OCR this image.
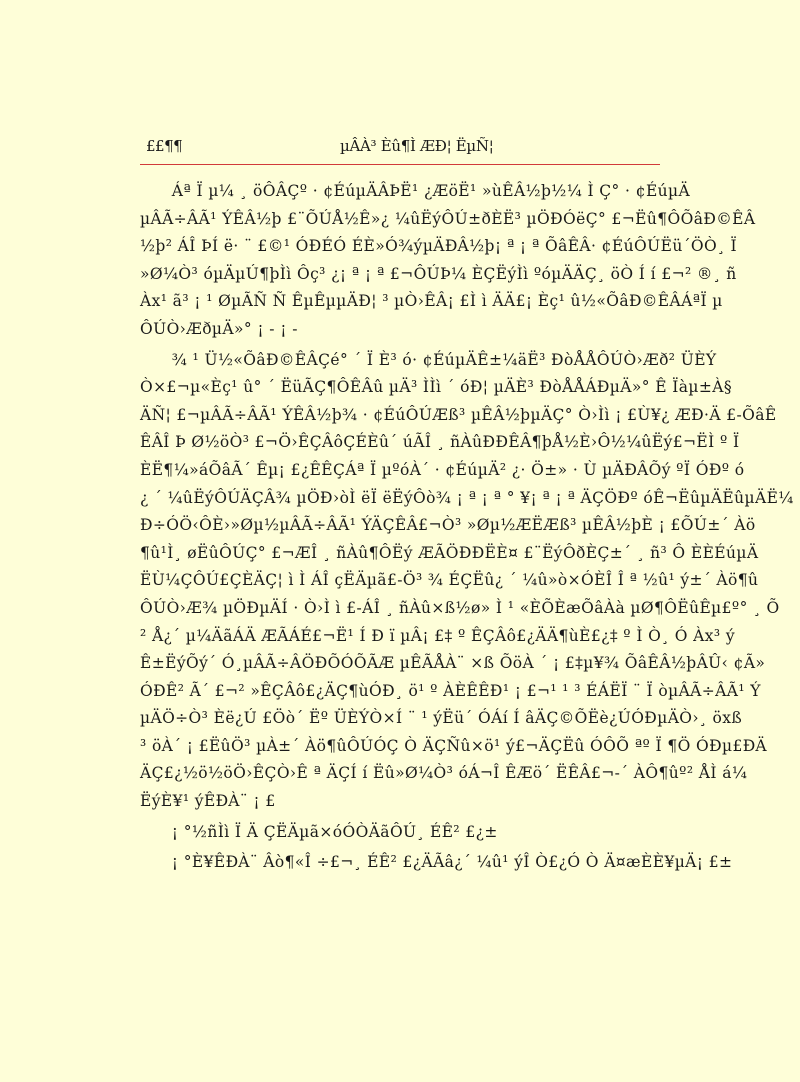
££¶¶	µÂÀ³ Èû¶Ì ÆÐ¦ ËµÑ¦
　　Áª Ï µ¼ ¸ öÔÂÇº · ¢ÉúµÄÂÞË¹ ¿ÆöË¹ »ùÊÂ½þ½¼ Ì Ç° · ¢ÉúµÄ
µÂÃ÷ÂÃ¹ ÝÊÂ½þ £¨ÕÚÅ½Ê»¿ ¼ûËýÔÚ±ðÈË³ µÖÐÓëÇ° £¬Ëû¶ÔÕâÐ©ÊÂ
½þ² ÁÎ ÞÍ ë· ¨ £©¹ ÓÐÉÓ ÉÈ»Ó¾ýµÄÐÂ½þ¡ ª ¡ ª ÕâÊÂ· ¢ÉúÔÚËü´ÖÒ¸ Ï
»Ø¼Ò³ óµÄµÚ¶þÌì Ôç³ ¿¡ ª ¡ ª £¬ÔÚÞ¼ ÈÇËýÌì ºóµÄÄÇ¸ öÒ Í í £¬² ®¸ ñ
Àx¹ ã³ ¡ ¹ ØµÃÑ Ñ ÊµÊµµÄÐ¦ ³ µÒ›ÊÂ¡ £Ì ì ÄÄ£¡ Èç¹ û½«ÕâÐ©ÊÂÁªÏ µ
ÔÚÒ›ÆðµÄ»° ¡ - ¡ -
　　¾ ¹ Ü½«ÕâÐ©ÊÂÇé° ´ Ï È³ ó· ¢ÉúµÄÊ±¼äË³ ÐòÅÅÔÚÒ›Æð² ÜÈÝ
Ò×£¬µ«Èç¹ û° ´ ËüÃÇ¶ÔÊÂû µÄ³ ÌÌì ´ óÐ¦ µÄÈ³ ÐòÅÅÁÐµÄ»° Ê Ïàµ±À§
ÄÑ¦ £¬µÂÃ÷ÂÃ¹ ÝÊÂ½þ¾ · ¢ÉúÔÚÆß³ µÊÂ½þµÄÇ° Ò›Ìì ¡ £Ù¥¿ ÆÐ·Ä £-ÕâÊ
ÊÂÎ Þ Ø½öÒ³ £¬Ö›ÊÇÂôÇÉÈû´ úÃÎ ¸ ñÀûÐÐÊÂ¶þÅ½È›Ô½¼ûËý£¬ËÌ º Ï
ÈË¶¼»áÕâÃ´ Êµ¡ £¿ÊÊÇÁª Ï µºóÀ´ · ¢ÉúµÄ² ¿· Ö±» · Ù µÄÐÂÕý ºÏ ÓÐº ó
¿ ´ ¼ûËýÔÚÄÇÂ¾ µÖÐ›òÌ ëÏ ëËýÔò¾ ¡ ª ¡ ª ° ¥¡ ª ¡ ª ÄÇÖÐº óÊ¬ËûµÄËûµÄË¼
Ð÷ÓÖ‹ÔÈ›»Øµ½µÂÃ÷ÂÃ¹ ÝÄÇÊÂ£¬Ò³ »Øµ½ÆËÆß³ µÊÂ½þÈ ¡ £ÕÚ±´ Àö
¶û¹Ì¸ øËûÔÚÇ° £¬ÆÎ ¸ ñÀû¶ÔËý ÆÃÖÐÐËÈ¤ £¨ËýÔðÈÇ±´ ¸ ñ³ Ô ÈÈÉúµÄ
ËÙ¼ÇÔÚ£ÇÈÄÇ¦ ì Ì ÁÎ çËÄµã£-Ö³ ¾ ÉÇËû¿ ´ ¼û»ò×ÓÈÎ Î ª ½û¹ ý±´ Àö¶û
ÔÚÒ›Æ¾ µÖÐµÄÍ · Ò›Ì ì £-ÁÎ ¸ ñÀû×ß½ø» Ì ¹ «ÈÕÈæÕâÀà µØ¶ÔËûÊµ£º° ¸ Õ
² Å¿´ µ¼ÄãÁÄ ÆÃÁÉ£¬Ë¹ Í Ð ï µÂ¡ £‡ º ÊÇÂô£¿ÄÄ¶ùÈ£¿‡ º Ì Ò¸ Ó Àx³ ý
Ê±ËýÕý´ Ó¸µÂÃ÷ÂÖÐÕÓÕÃÆ µÊÃÅÀ¨ ×ß ÕöÀ ´ ¡ £‡µ¥¾ ÕâÊÂ½þÂÛ‹ ¢Ã»
ÓÐÊ² Ã´ £¬² »ÊÇÂô£¿ÄÇ¶ùÓÐ¸ ö¹ º ÀÈÊÊÐ¹ ¡ £¬¹ ¹ ³ ÉÁËÏ ¨ Ï òµÂÃ÷ÂÃ¹ Ý
µÄÖ÷Ò³ Èë¿Ú £Öò´ Ëº ÜÈÝÒ×Í ¨ ¹ ýËü´ ÓÁí Í âÄÇ©ÕËè¿ÚÓÐµÄÒ›¸ öxß
³ öÀ´ ¡ £ËûÖ³ µÀ±´ Àö¶ûÔÚÓÇ Ò ÄÇÑû×ö¹ ý£¬ÄÇËû ÓÔÕ ªº Ï ¶Ö ÓÐµ£ÐÄ
ÄÇ£¿½ö½öÖ›ÊÇÒ›Ê ª ÄÇÍ í Ëû»Ø¼Ò³ óÁ¬Î ÊÆö´ ËÊÂ£¬-´ ÀÔ¶ûº² ÅÌ á¼
ËýÈ¥¹ ýÊÐÀ¨ ¡ £
　　¡ °½ñÌì Ï Ä ÇËÄµã×óÓÒÄãÔÚ¸ ÉÊ² £¿±
　　¡ °È¥ÊÐÀ¨ Âò¶«Î ÷£¬¸ ÉÊ² £¿ÄÃâ¿´ ¼û¹ ýÎ Ò£¿Ó Ò Ä¤æÈÈ¥µÄ¡ £±
